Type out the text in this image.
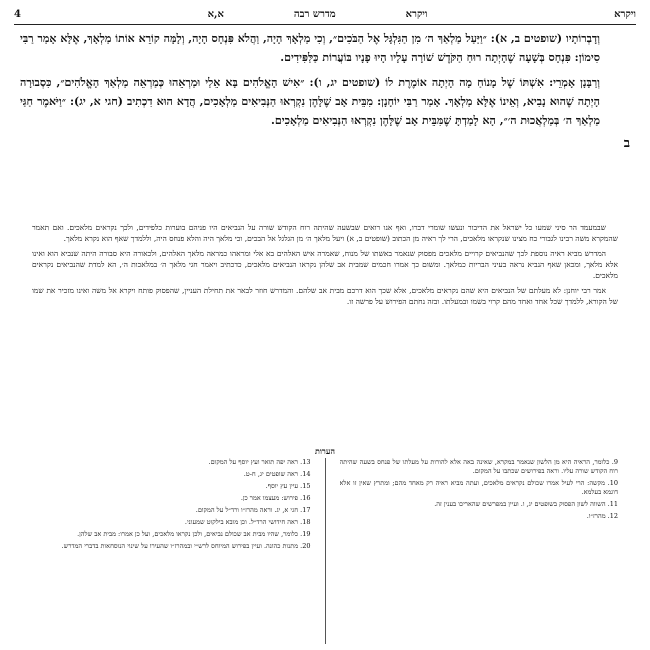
ויקרא
ויקרא
מדרש רבה
א,א
4

וְדָבְרוֹתָיו (שופטים ב, א): ״וַיַּעַל מַלְאַךְ ה׳ מִן הַגִּלְגָּל אֶל הַבֹּכִים״, וְכִי מַלְאָךְ הָיָה, וַהֲלֹא פִּנְחָס הָיָה, וְלָמָּה קוֹרֵא אוֹתוֹ מַלְאָךְ, אֶלָּא אָמַר רַבִּי סִימוֹן: פִּנְחָס בְּשָׁעָה שֶׁהָיְתָה רוּחַ הַקֹּדֶשׁ שׁוֹרָה עָלָיו הָיוּ פָנָיו בּוֹעֲרוֹת כַּלַּפִּידִים.

ב

וְרַבָּנָן אָמְרֵי: אִשְׁתּוֹ שֶׁל מָנוֹחַ מָה הָיְתָה אוֹמֶרֶת לוֹ (שופטים יג, ו): ״אִישׁ הָאֱלֹהִים בָּא אֵלַי וּמַרְאֵהוּ כְּמַרְאֵה מַלְאַךְ הָאֱלֹהִים״, כִּסְבוּרָה הָיְתָה שֶׁהוּא נָבִיא, וְאֵינוֹ אֶלָּא מַלְאָךְ. אָמַר רַבִּי יוֹחָנָן: מִבֵּית אָב שֶׁלָּהֶן נִקְרְאוּ הַנְּבִיאִים מַלְאָכִים, הֲדָא הוּא דִכְתִיב (חגי א, יג): ״וַיֹּאמֶר חַגַּי מַלְאַךְ ה׳ בְּמַלְאֲכוּת ה׳״, הָא לָמַדְתָּ שֶׁמִּבֵּית אָב שֶׁלָּהֶן נִקְרְאוּ הַנְּבִיאִים מַלְאָכִים.

שבמעמד הר סיני שמעו כל ישראל את הדיבור ונעשו שומרי דברו, ואף אנו רואים שבשעה שהיתה רוח הקודש שורה על הנביאים היו פניהם בוערות כלפידים, ולכך נקראים מלאכים. ואם תאמר שהמקרא משה רבינו לגבורי כח מצינו שנקראו מלאכים, הרי לך ראיה מן הכתוב (שופטים ב, א) ויעל מלאך ה׳ מן הגלגל אל הבכים, וכי מלאך היה והלא פנחס היה, וללמדך שאף הוא נקרא מלאך.

המדרש מביא ראיה נוספת לכך שהנביאים קרויים מלאכים מפסוק שנאמר באשתו של מנוח, שאמרה איש האלהים בא אלי ומראהו כמראה מלאך האלהים, ולכאורה היא סבורה היתה שנביא הוא ואינו אלא מלאך, ומכאן שאף הנביא נראה בעיני הבריות כמלאך. ומשום כך אמרו חכמים שמבית אב שלהן נקראו הנביאים מלאכים, כדכתיב ויאמר חגי מלאך ה׳ במלאכות ה׳, הא למדת שהנביאים נקראים מלאכים.

אמר רבי יוחנן: לא מעלתם של הנביאים היא שהם נקראים מלאכים, אלא שכך הוא דרכם מבית אב שלהם. והמדרש חוזר לבאר את תחילת העניין, שהפסוק פותח ויקרא אל משה ואינו מזכיר את שמו של הקורא, ללמדך שכל אחד ואחד מהם קרוי בשמו ובמעלתו. ובזה נחתם הפירוש על פרשה זו.

הערות

9. כלומר, הראיה היא מן הלשון שנאמר במקרא, שאינה באה אלא להורות על מעלתו של פנחס בשעה שהיתה רוח הקודש שורה עליו. וראה בפירושים שכתבו על המקום.

10. מקשה: הרי לעיל אמרו שכולם נקראים מלאכים, ועתה מביא ראיה רק מאחד מהם; ומתרץ שאין זו אלא דוגמא בעלמא.

11. השווה לשון הפסוק בשופטים יג, ו. ועיין במפרשים שהאריכו בענין זה.

12. מהרז״ו.

13. ראה יפה תואר ועץ יוסף על המקום.

14. ראה שופטים יג, ח-ט.

15. עיין עץ יוסף.

16. פירוש: מעצמו אמר כן.

17. חגי א, יג. וראה מהרז״ו ורד״ל על המקום.

18. ראה חידושי הרד״ל. וכן מובא בילקוט שמעוני.

19. כלומר, שהיו מבית אב שכולם נביאים, ולכן נקראו מלאכים, ועל כן אמרו: מבית אב שלהן.

20. מתנות כהונה. ועיין בפירוש המיוחס לרש״י ובמהרז״ו שהעירו על שינוי הנוסחאות בדברי המדרש.
